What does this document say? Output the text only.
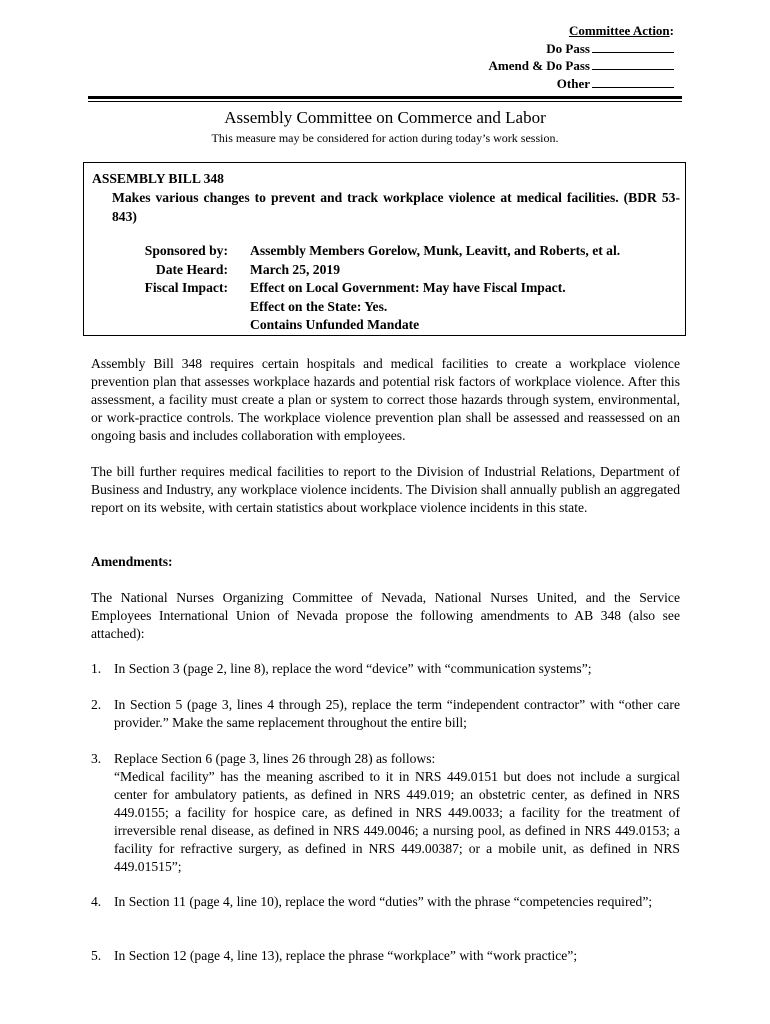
Committee Action:
Do Pass
Amend & Do Pass
Other
Assembly Committee on Commerce and Labor
This measure may be considered for action during today’s work session.
ASSEMBLY BILL 348
Makes various changes to prevent and track workplace violence at medical facilities. (BDR 53-843)
Sponsored by: Assembly Members Gorelow, Munk, Leavitt, and Roberts, et al.
Date Heard: March 25, 2019
Fiscal Impact: Effect on Local Government: May have Fiscal Impact.
Effect on the State: Yes.
Contains Unfunded Mandate
Assembly Bill 348 requires certain hospitals and medical facilities to create a workplace violence prevention plan that assesses workplace hazards and potential risk factors of workplace violence. After this assessment, a facility must create a plan or system to correct those hazards through system, environmental, or work-practice controls. The workplace violence prevention plan shall be assessed and reassessed on an ongoing basis and includes collaboration with employees.
The bill further requires medical facilities to report to the Division of Industrial Relations, Department of Business and Industry, any workplace violence incidents. The Division shall annually publish an aggregated report on its website, with certain statistics about workplace violence incidents in this state.
Amendments:
The National Nurses Organizing Committee of Nevada, National Nurses United, and the Service Employees International Union of Nevada propose the following amendments to AB 348 (also see attached):
1. In Section 3 (page 2, line 8), replace the word “device” with “communication systems”;
2. In Section 5 (page 3, lines 4 through 25), replace the term “independent contractor” with “other care provider.” Make the same replacement throughout the entire bill;
3. Replace Section 6 (page 3, lines 26 through 28) as follows:
“Medical facility” has the meaning ascribed to it in NRS 449.0151 but does not include a surgical center for ambulatory patients, as defined in NRS 449.019; an obstetric center, as defined in NRS 449.0155; a facility for hospice care, as defined in NRS 449.0033; a facility for the treatment of irreversible renal disease, as defined in NRS 449.0046; a nursing pool, as defined in NRS 449.0153; a facility for refractive surgery, as defined in NRS 449.00387; or a mobile unit, as defined in NRS 449.01515”;
4. In Section 11 (page 4, line 10), replace the word “duties” with the phrase “competencies required”;
5. In Section 12 (page 4, line 13), replace the phrase “workplace” with “work practice”;
